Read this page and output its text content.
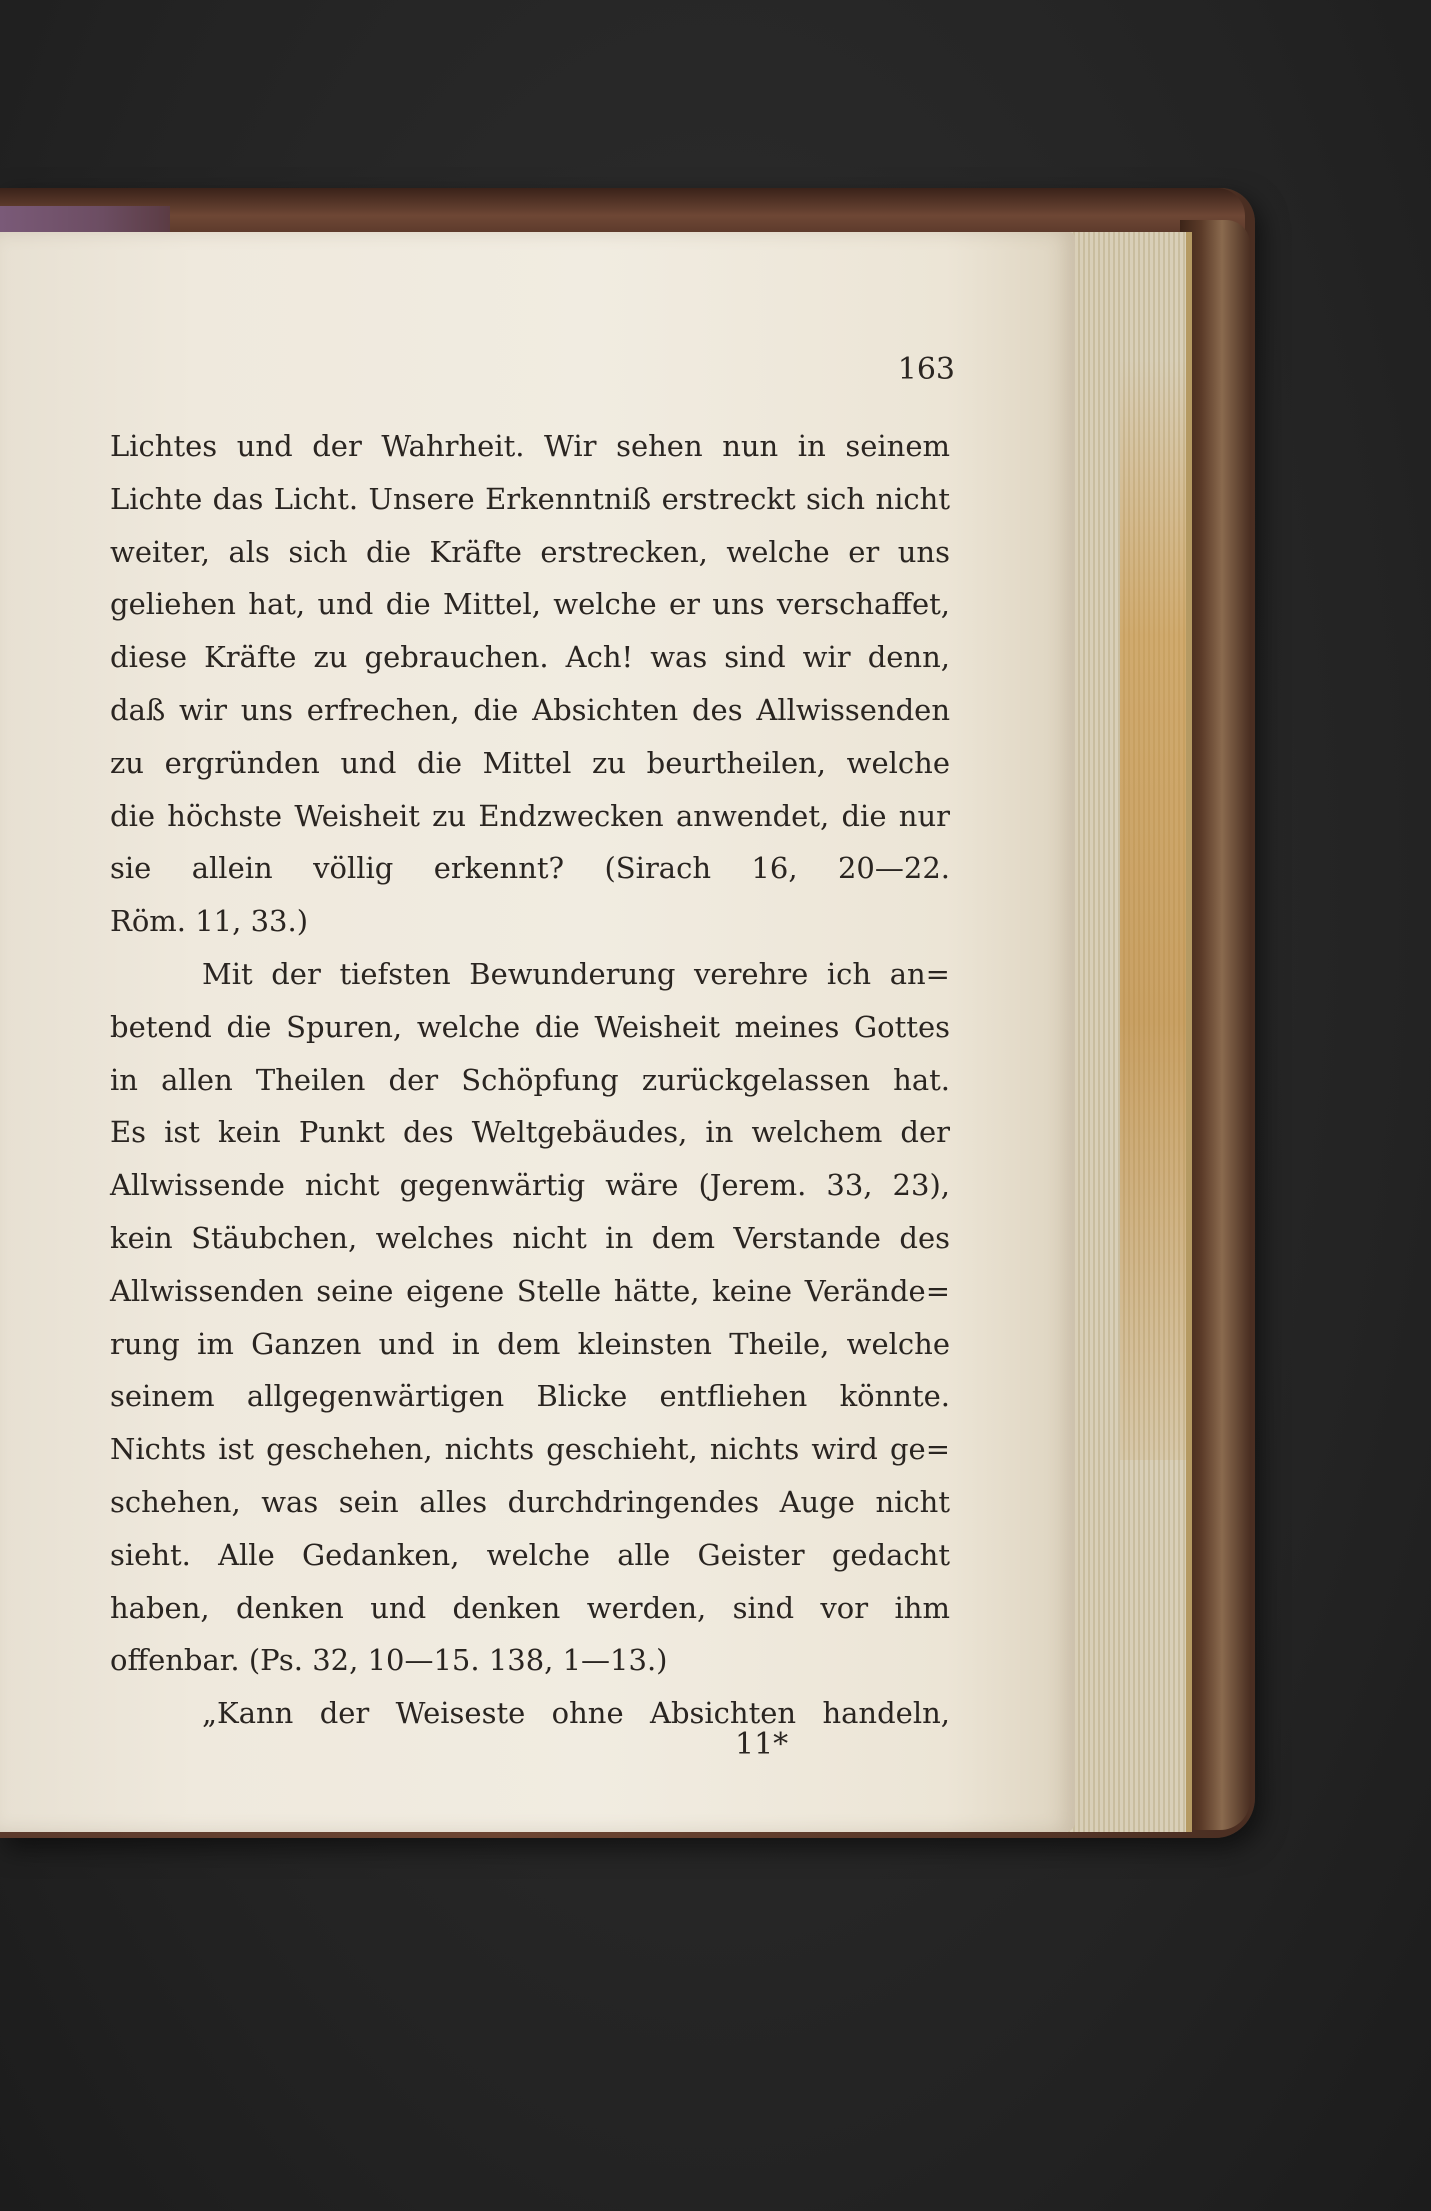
163
Lichtes und der Wahrheit. Wir sehen nun in seinem
Lichte das Licht. Unsere Erkenntniß erstreckt sich nicht
weiter, als sich die Kräfte erstrecken, welche er uns
geliehen hat, und die Mittel, welche er uns verschaffet,
diese Kräfte zu gebrauchen. Ach! was sind wir denn,
daß wir uns erfrechen, die Absichten des Allwissenden
zu ergründen und die Mittel zu beurtheilen, welche
die höchste Weisheit zu Endzwecken anwendet, die nur
sie allein völlig erkennt? (Sirach 16, 20—22.
Röm. 11, 33.)
Mit der tiefsten Bewunderung verehre ich an=
betend die Spuren, welche die Weisheit meines Gottes
in allen Theilen der Schöpfung zurückgelassen hat.
Es ist kein Punkt des Weltgebäudes, in welchem der
Allwissende nicht gegenwärtig wäre (Jerem. 33, 23),
kein Stäubchen, welches nicht in dem Verstande des
Allwissenden seine eigene Stelle hätte, keine Verände=
rung im Ganzen und in dem kleinsten Theile, welche
seinem allgegenwärtigen Blicke entfliehen könnte.
Nichts ist geschehen, nichts geschieht, nichts wird ge=
schehen, was sein alles durchdringendes Auge nicht
sieht. Alle Gedanken, welche alle Geister gedacht
haben, denken und denken werden, sind vor ihm
offenbar. (Ps. 32, 10—15. 138, 1—13.)
„Kann der Weiseste ohne Absichten handeln,
11*
